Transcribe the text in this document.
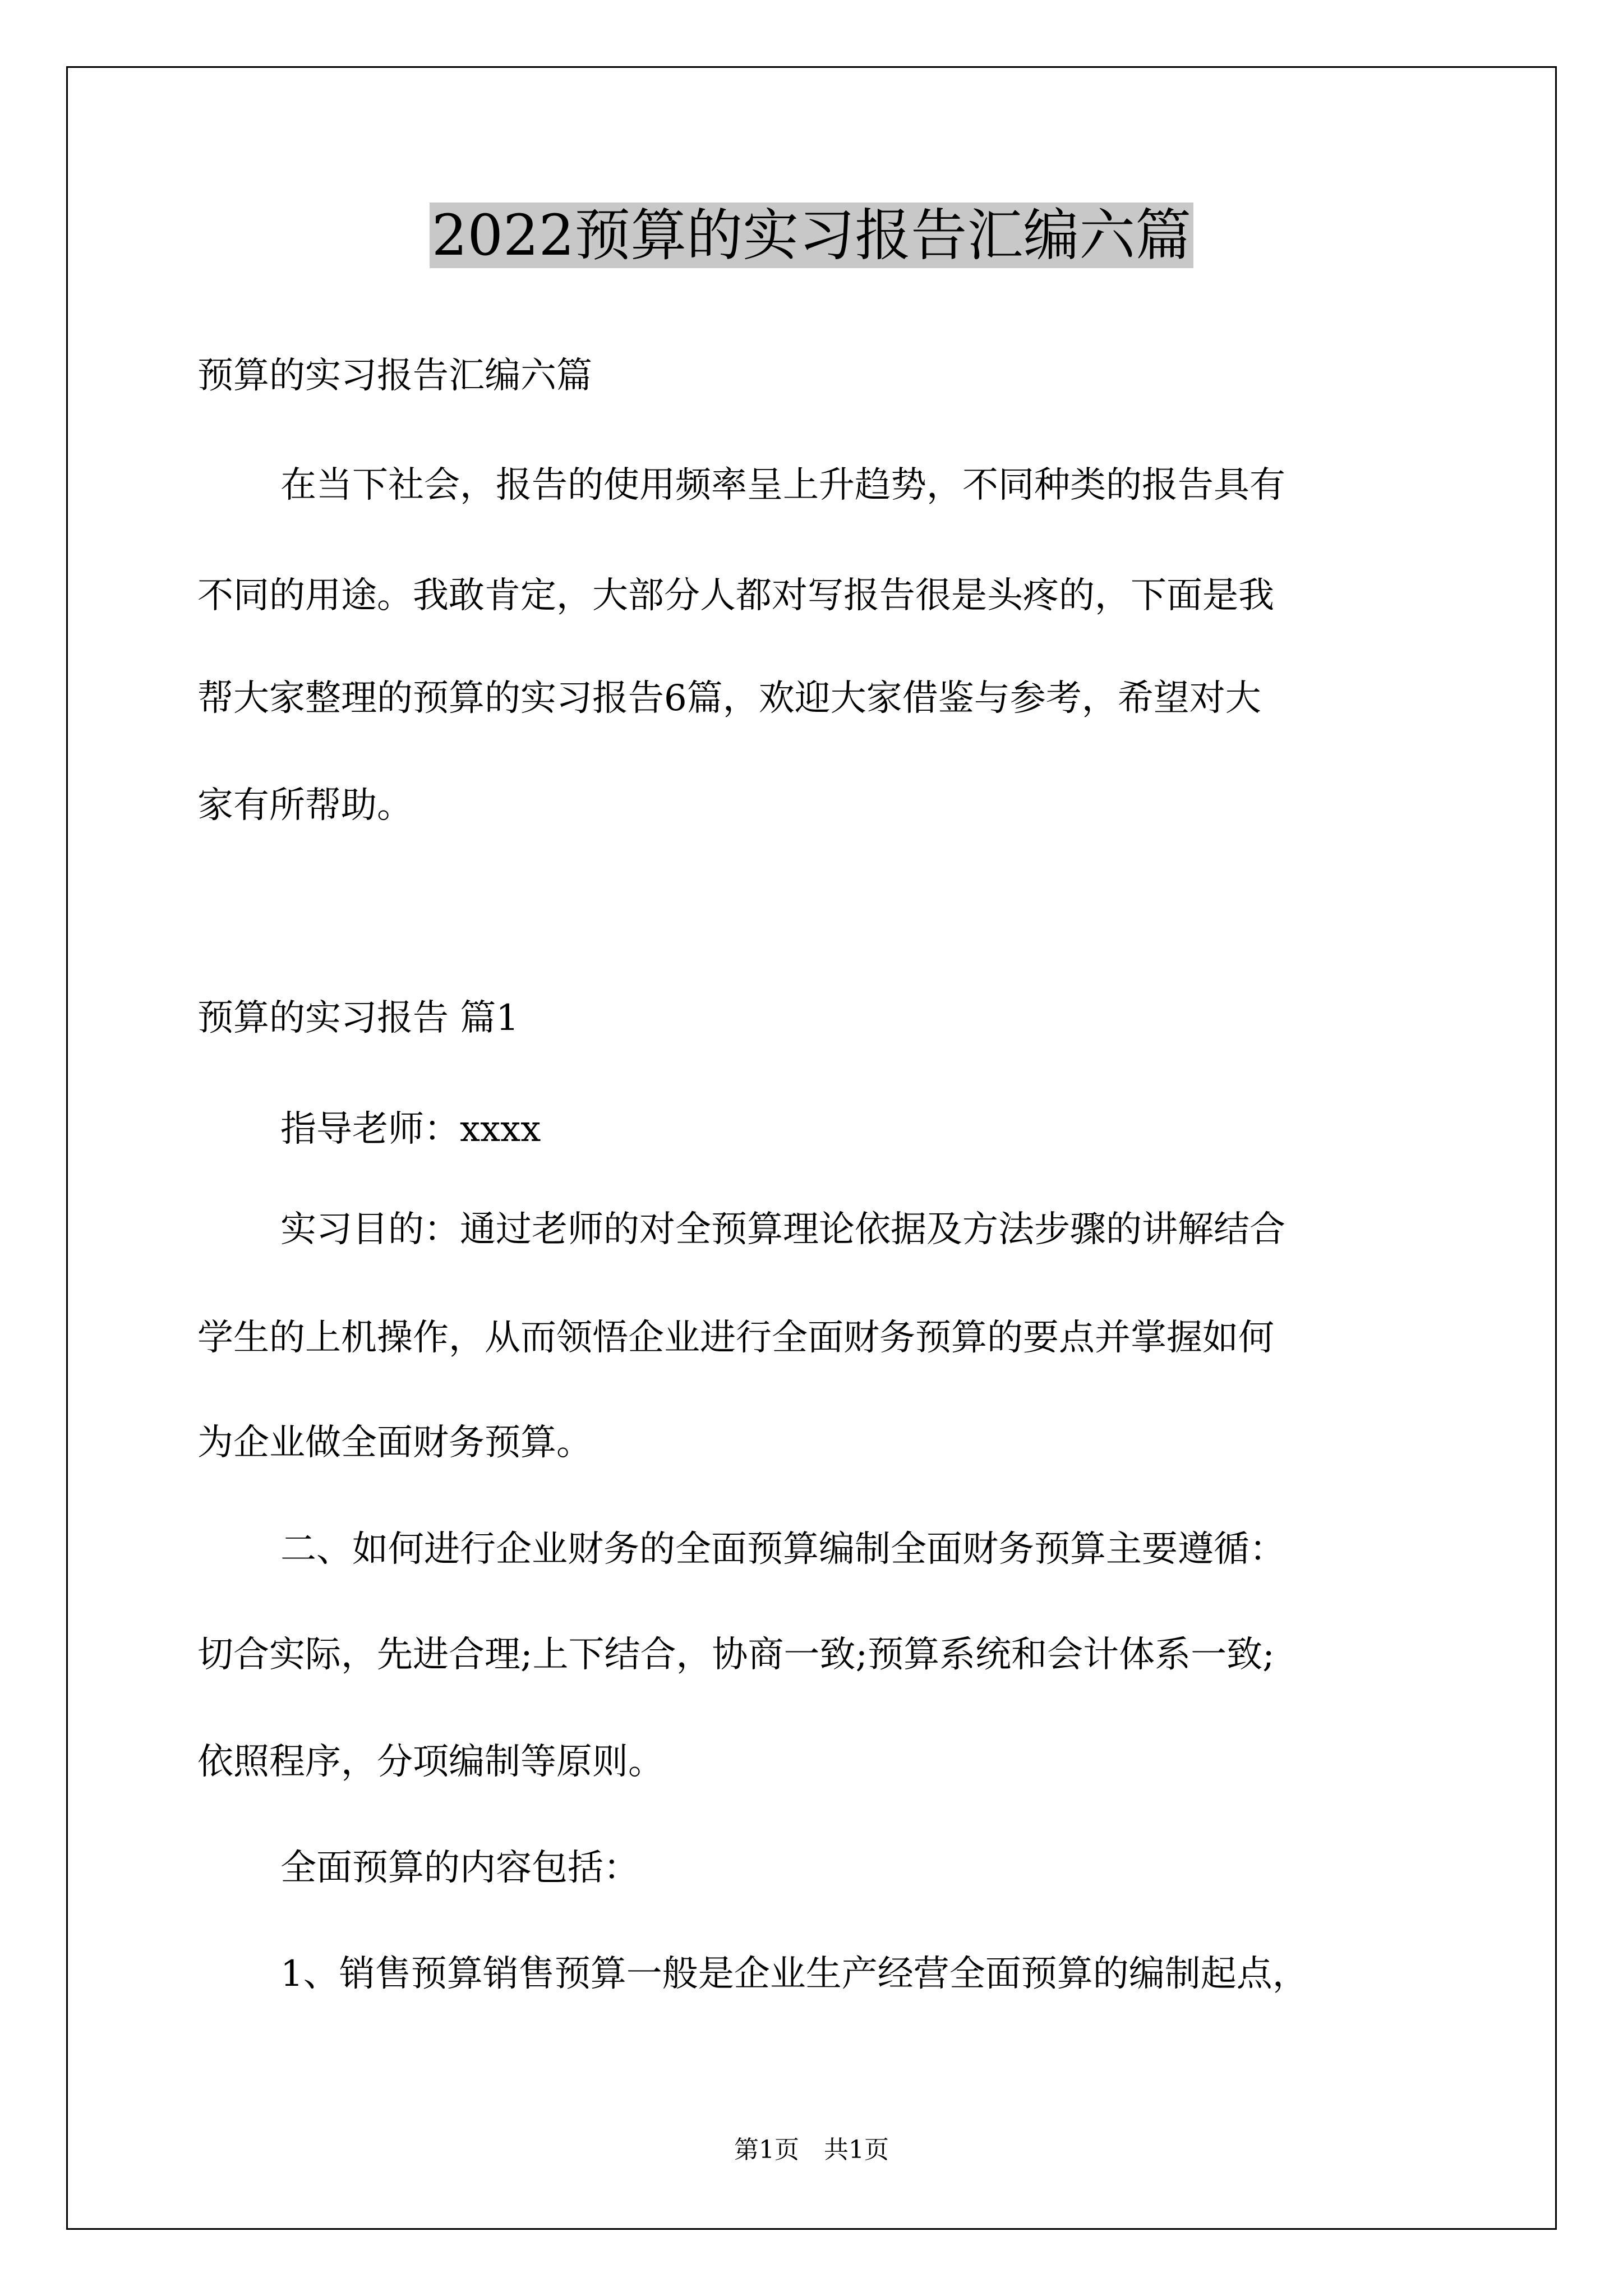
2022预算的实习报告汇编六篇
预算的实习报告汇编六篇
在当下社会，报告的使用频率呈上升趋势，不同种类的报告具有
不同的用途。我敢肯定，大部分人都对写报告很是头疼的，下面是我
帮大家整理的预算的实习报告6篇，欢迎大家借鉴与参考，希望对大
家有所帮助。
预算的实习报告 篇1
指导老师：xxxx
实习目的：通过老师的对全预算理论依据及方法步骤的讲解结合
学生的上机操作，从而领悟企业进行全面财务预算的要点并掌握如何
为企业做全面财务预算。
二、如何进行企业财务的全面预算编制全面财务预算主要遵循：
切合实际，先进合理;上下结合，协商一致;预算系统和会计体系一致;
依照程序，分项编制等原则。
全面预算的内容包括：
1、销售预算销售预算一般是企业生产经营全面预算的编制起点，
第1页　共1页
